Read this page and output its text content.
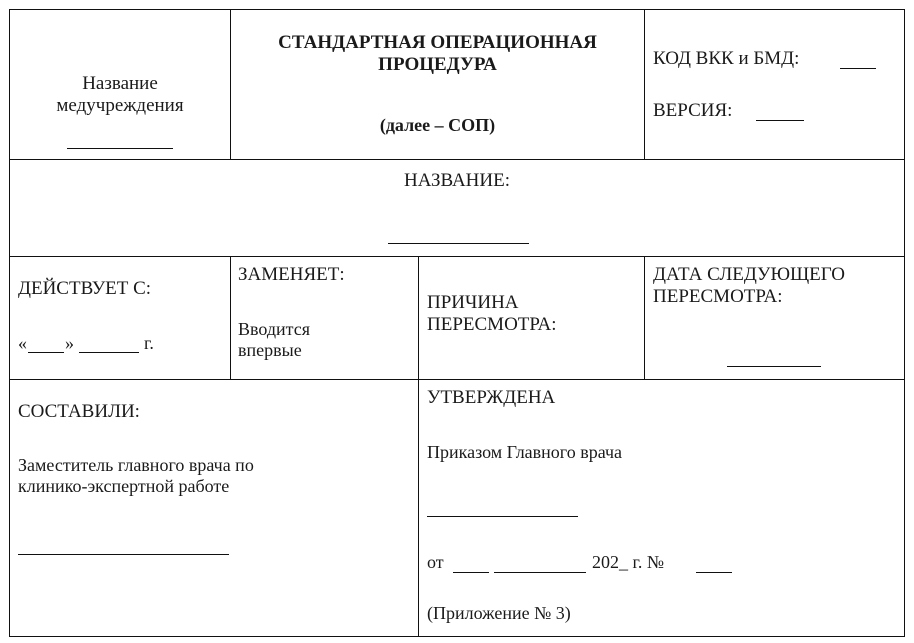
Название
медучреждения
СТАНДАРТНАЯ ОПЕРАЦИОННАЯ
ПРОЦЕДУРА
(далее – СОП)
КОД ВКК и БМД:
ВЕРСИЯ:
НАЗВАНИЕ:
ДЕЙСТВУЕТ С:
« »	г.
ЗАМЕНЯЕТ:
Вводится
впервые
ПРИЧИНА
ПЕРЕСМОТРА:
ДАТА СЛЕДУЮЩЕГО
ПЕРЕСМОТРА:
СОСТАВИЛИ:
Заместитель главного врача по
клинико-экспертной работе
УТВЕРЖДЕНА
Приказом Главного врача
от	202_ г. №
(Приложение № 3)
